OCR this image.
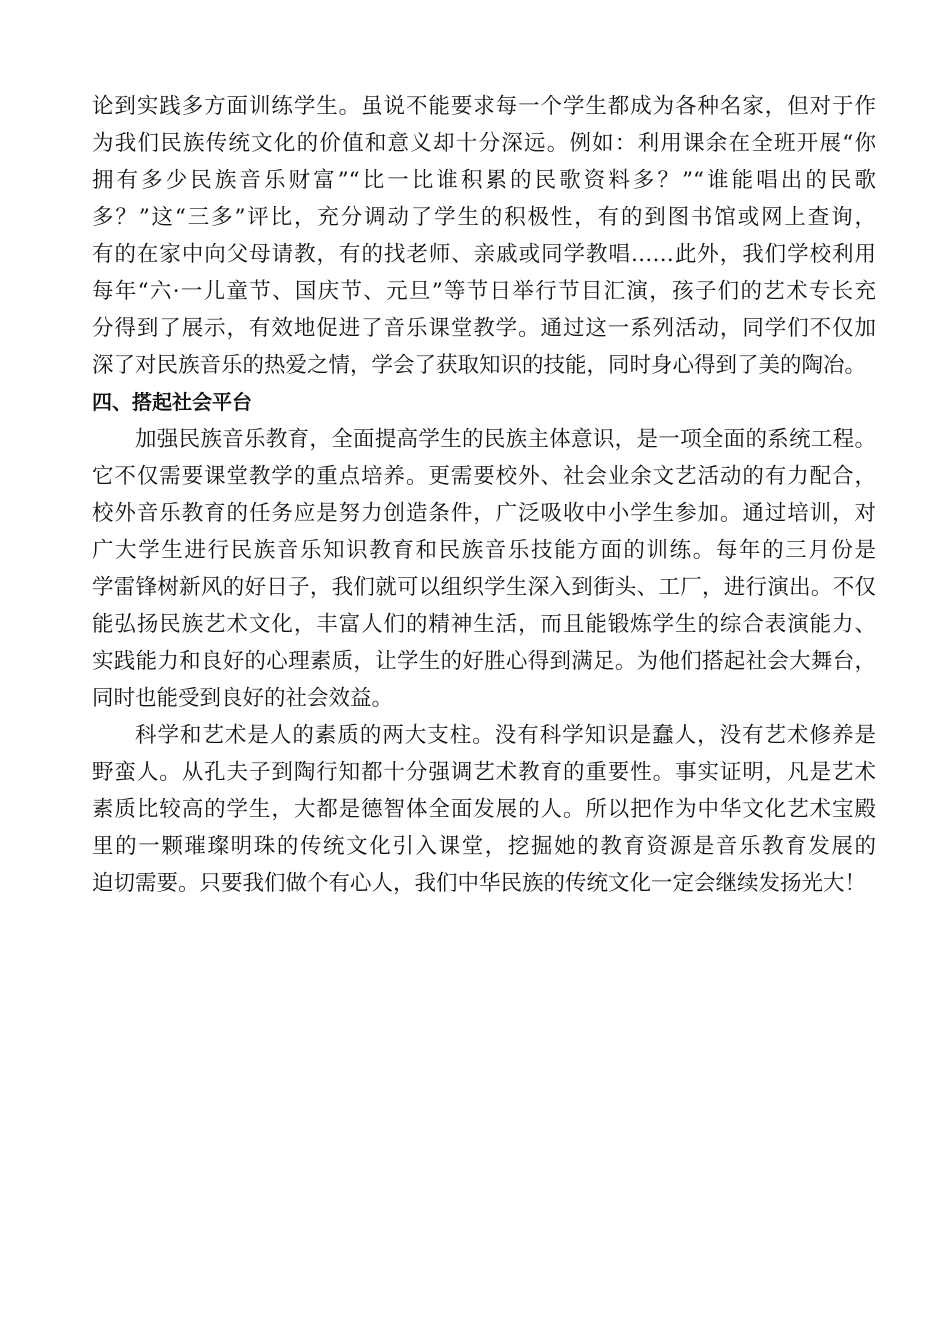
论到实践多方面训练学生。虽说不能要求每一个学生都成为各种名家，但对于作
为我们民族传统文化的价值和意义却十分深远。例如：利用课余在全班开展“你
拥有多少民族音乐财富”“比一比谁积累的民歌资料多？”“谁能唱出的民歌
多？”这“三多”评比，充分调动了学生的积极性，有的到图书馆或网上查询，
有的在家中向父母请教，有的找老师、亲戚或同学教唱……此外，我们学校利用
每年“六·一儿童节、国庆节、元旦”等节日举行节目汇演，孩子们的艺术专长充
分得到了展示，有效地促进了音乐课堂教学。通过这一系列活动，同学们不仅加
深了对民族音乐的热爱之情，学会了获取知识的技能，同时身心得到了美的陶冶。
四、搭起社会平台
加强民族音乐教育，全面提高学生的民族主体意识，是一项全面的系统工程。
它不仅需要课堂教学的重点培养。更需要校外、社会业余文艺活动的有力配合，
校外音乐教育的任务应是努力创造条件，广泛吸收中小学生参加。通过培训，对
广大学生进行民族音乐知识教育和民族音乐技能方面的训练。每年的三月份是
学雷锋树新风的好日子，我们就可以组织学生深入到街头、工厂，进行演出。不仅
能弘扬民族艺术文化，丰富人们的精神生活，而且能锻炼学生的综合表演能力、
实践能力和良好的心理素质，让学生的好胜心得到满足。为他们搭起社会大舞台，
同时也能受到良好的社会效益。
科学和艺术是人的素质的两大支柱。没有科学知识是蠢人，没有艺术修养是
野蛮人。从孔夫子到陶行知都十分强调艺术教育的重要性。事实证明，凡是艺术
素质比较高的学生，大都是德智体全面发展的人。所以把作为中华文化艺术宝殿
里的一颗璀璨明珠的传统文化引入课堂，挖掘她的教育资源是音乐教育发展的
迫切需要。只要我们做个有心人，我们中华民族的传统文化一定会继续发扬光大！
